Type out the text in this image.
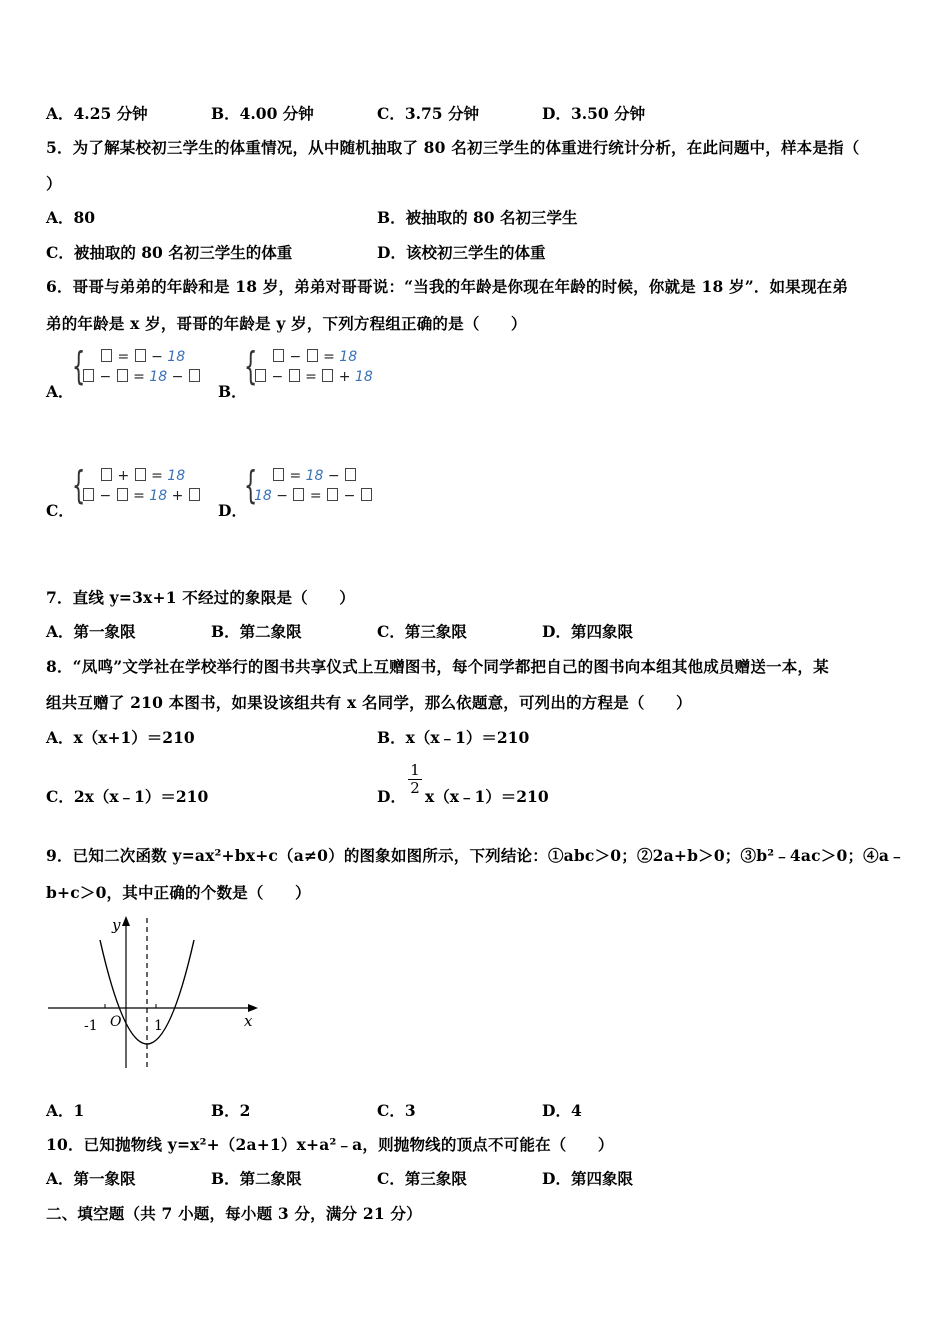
A．4.25 分钟	B．4.00 分钟	C．3.75 分钟	D．3.50 分钟
5．为了解某校初三学生的体重情况，从中随机抽取了 80 名初三学生的体重进行统计分析，在此问题中，样本是指（
）
A．80	B．被抽取的 80 名初三学生
C．被抽取的 80 名初三学生的体重	D．该校初三学生的体重
6．哥哥与弟弟的年龄和是 18 岁，弟弟对哥哥说：“当我的年龄是你现在年龄的时候，你就是 18 岁”．如果现在弟
弟的年龄是 x 岁，哥哥的年龄是 y 岁，下列方程组正确的是（　　）
A．
{	= − 18
− = 18 −
B．
{	− = 18
− = + 18
C．
{	+ = 18
− = 18 +
D．
{	= 18 −
18 − = −
7．直线 y=3x+1 不经过的象限是（　　）
A．第一象限	B．第二象限	C．第三象限	D．第四象限
8．“凤鸣”文学社在学校举行的图书共享仪式上互赠图书，每个同学都把自己的图书向本组其他成员赠送一本，某
组共互赠了 210 本图书，如果设该组共有 x 名同学，那么依题意，可列出的方程是（　　）
A．x（x+1）＝210	B．x（x﹣1）＝210
C．2x（x﹣1）＝210	D． $\frac{1}{2}$ x（x﹣1）＝210
9．已知二次函数 y=ax²+bx+c（a≠0）的图象如图所示，下列结论：①abc＞0；②2a+b＞0；③b²﹣4ac＞0；④a﹣
b+c＞0，其中正确的个数是（　　）
y
x
O
-1	1
A．1	B．2	C．3	D．4
10．已知抛物线 y=x²+（2a+1）x+a²﹣a，则抛物线的顶点不可能在（　　）
A．第一象限	B．第二象限	C．第三象限	D．第四象限
二、填空题（共 7 小题，每小题 3 分，满分 21 分）
